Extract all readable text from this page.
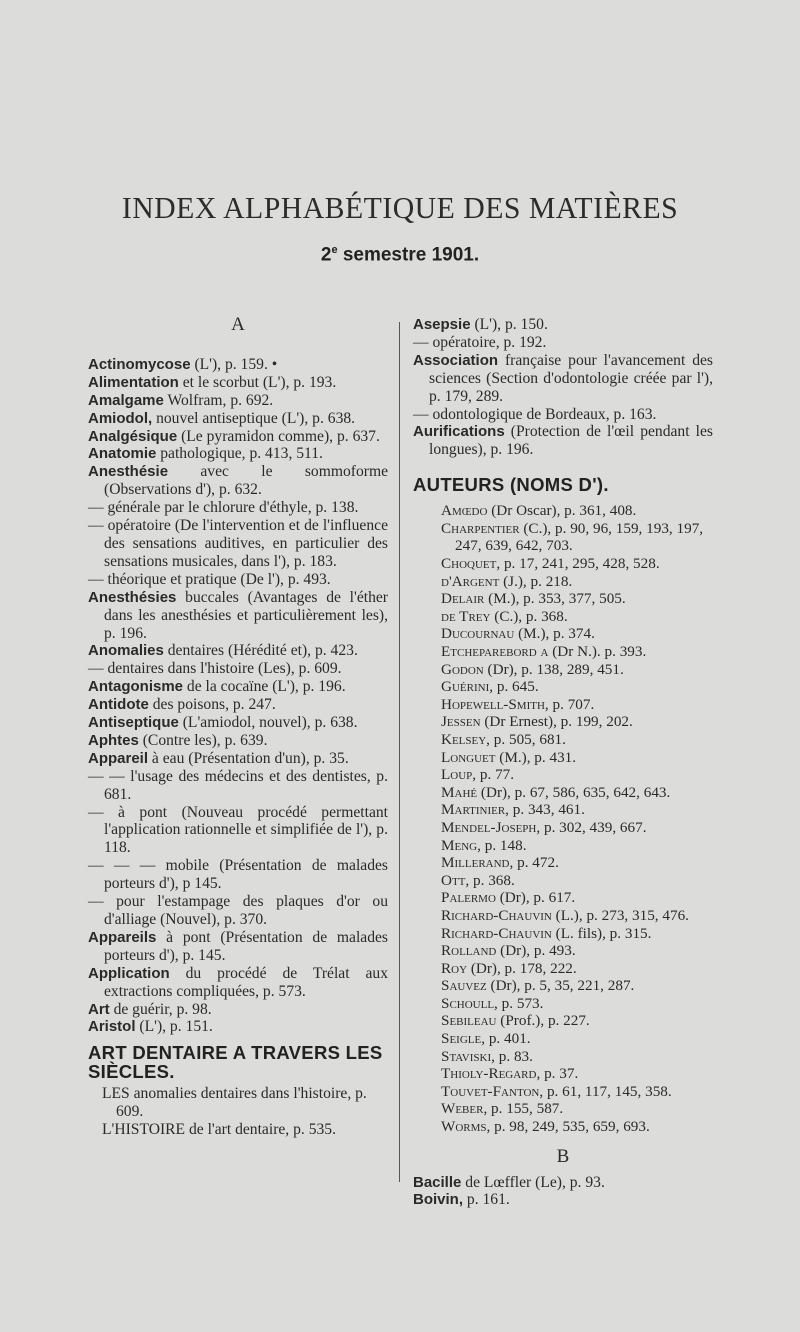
INDEX ALPHABÉTIQUE DES MATIÈRES
2e semestre 1901.
A
Actinomycose (L'), p. 159. •
Alimentation et le scorbut (L'), p. 193.
Amalgame Wolfram, p. 692.
Amiodol, nouvel antiseptique (L'), p. 638.
Analgésique (Le pyramidon comme), p. 637.
Anatomie pathologique, p. 413, 511.
Anesthésie avec le sommoforme (Observations d'), p. 632.
— générale par le chlorure d'éthyle, p. 138.
— opératoire (De l'intervention et de l'influence des sensations auditives, en particulier des sensations musicales, dans l'), p. 183.
— théorique et pratique (De l'), p. 493.
Anesthésies buccales (Avantages de l'éther dans les anesthésies et particulièrement les), p. 196.
Anomalies dentaires (Hérédité et), p. 423.
— dentaires dans l'histoire (Les), p. 609.
Antagonisme de la cocaïne (L'), p. 196.
Antidote des poisons, p. 247.
Antiseptique (L'amiodol, nouvel), p. 638.
Aphtes (Contre les), p. 639.
Appareil à eau (Présentation d'un), p. 35.
— — l'usage des médecins et des dentistes, p. 681.
— à pont (Nouveau procédé permettant l'application rationnelle et simplifiée de l'), p. 118.
— — — mobile (Présentation de malades porteurs d'), p 145.
— pour l'estampage des plaques d'or ou d'alliage (Nouvel), p. 370.
Appareils à pont (Présentation de malades porteurs d'), p. 145.
Application du procédé de Trélat aux extractions compliquées, p. 573.
Art de guérir, p. 98.
Aristol (L'), p. 151.
ART DENTAIRE A TRAVERS LES SIÈCLES.
LES anomalies dentaires dans l'histoire, p. 609.
L'HISTOIRE de l'art dentaire, p. 535.
Asepsie (L'), p. 150.
— opératoire, p. 192.
Association française pour l'avancement des sciences (Section d'odontologie créée par l'), p. 179, 289.
— odontologique de Bordeaux, p. 163.
Aurifications (Protection de l'œil pendant les longues), p. 196.
AUTEURS (NOMS D').
Amœdo (Dr Oscar), p. 361, 408.
Charpentier (C.), p. 90, 96, 159, 193, 197, 247, 639, 642, 703.
Choquet, p. 17, 241, 295, 428, 528.
d'Argent (J.), p. 218.
Delair (M.), p. 353, 377, 505.
de Trey (C.), p. 368.
Ducournau (M.), p. 374.
Etcheparebord a (Dr N.). p. 393.
Godon (Dr), p. 138, 289, 451.
Guérini, p. 645.
Hopewell-Smith, p. 707.
Jessen (Dr Ernest), p. 199, 202.
Kelsey, p. 505, 681.
Longuet (M.), p. 431.
Loup, p. 77.
Mahé (Dr), p. 67, 586, 635, 642, 643.
Martinier, p. 343, 461.
Mendel-Joseph, p. 302, 439, 667.
Meng, p. 148.
Millerand, p. 472.
Ott, p. 368.
Palermo (Dr), p. 617.
Richard-Chauvin (L.), p. 273, 315, 476.
Richard-Chauvin (L. fils), p. 315.
Rolland (Dr), p. 493.
Roy (Dr), p. 178, 222.
Sauvez (Dr), p. 5, 35, 221, 287.
Schoull, p. 573.
Sebileau (Prof.), p. 227.
Seigle, p. 401.
Staviski, p. 83.
Thioly-Regard, p. 37.
Touvet-Fanton, p. 61, 117, 145, 358.
Weber, p. 155, 587.
Worms, p. 98, 249, 535, 659, 693.
B
Bacille de Lœffler (Le), p. 93.
Boivin, p. 161.
